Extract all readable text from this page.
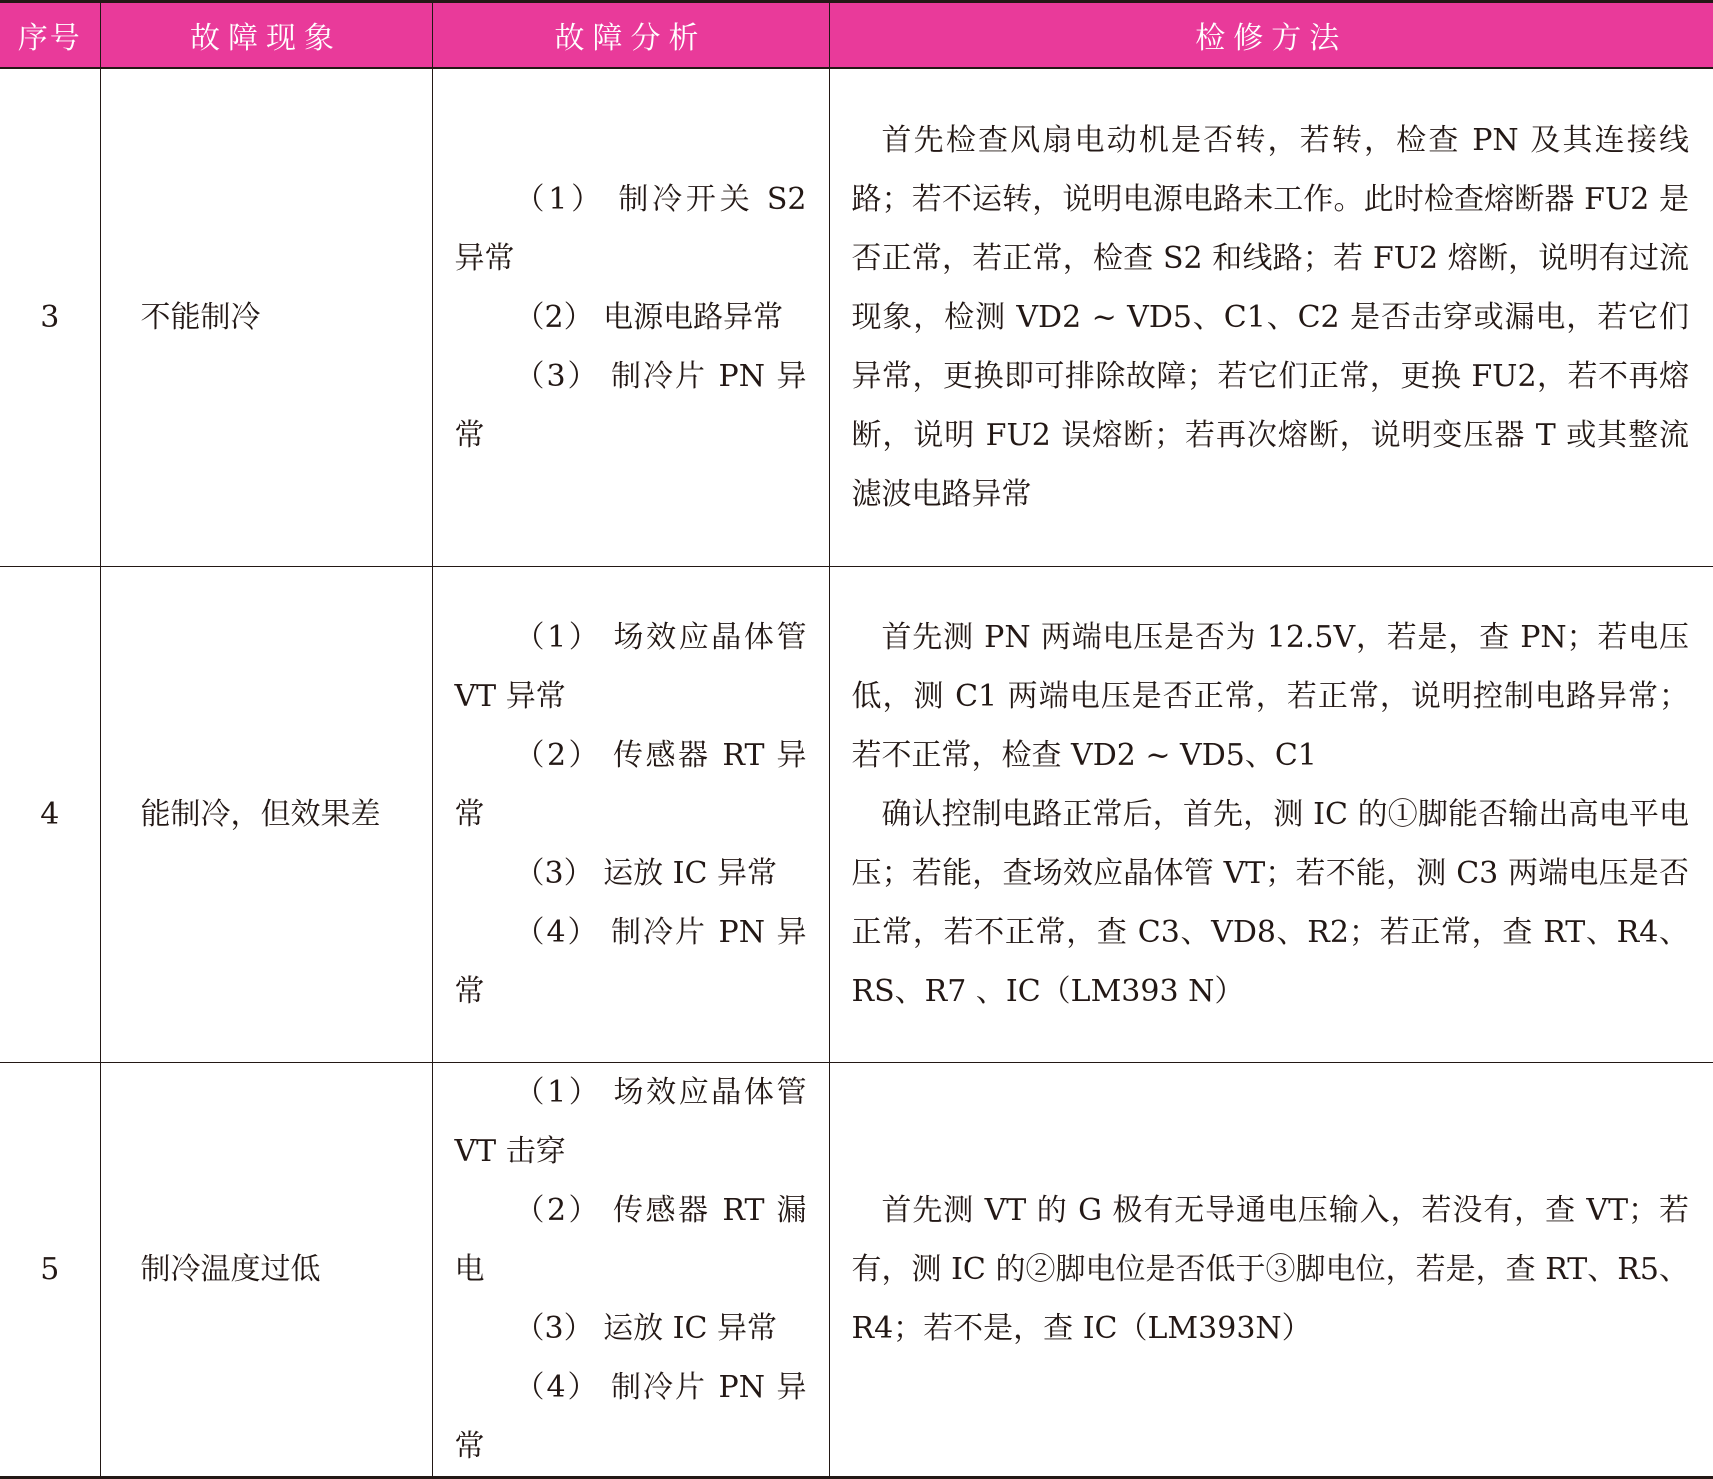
序号	故障现象	故障分析	检修方法
3	不能制冷	（1） 制冷开关 S2 异常
（2） 电源电路异常
（3） 制冷片 PN 异常	首先检查风扇电动机是否转，若转，检查 PN 及其连接线路；若不运转，说明电源电路未工作。此时检查熔断器 FU2 是否正常，若正常，检查 S2 和线路；若 FU2 熔断，说明有过流现象，检测 VD2 ~ VD5、C1、C2 是否击穿或漏电，若它们异常，更换即可排除故障；若它们正常，更换 FU2，若不再熔断，说明 FU2 误熔断；若再次熔断，说明变压器 T 或其整流滤波电路异常

4	能制冷，但效果差	（1） 场效应晶体管 VT 异常
（2） 传感器 RT 异常
（3） 运放 IC 异常
（4） 制冷片 PN 异常	首先测 PN 两端电压是否为 12.5V，若是，查 PN；若电压低，测 C1 两端电压是否正常，若正常，说明控制电路异常；若不正常，检查 VD2 ~ VD5、C1
确认控制电路正常后，首先，测 IC 的①脚能否输出高电平电压；若能，查场效应晶体管 VT；若不能，测 C3 两端电压是否正常，若不正常，查 C3、VD8、R2；若正常，查 RT、R4、RS、R7 、IC（LM393 N）

5	制冷温度过低	（1） 场效应晶体管 VT 击穿
（2） 传感器 RT 漏电
（3） 运放 IC 异常
（4） 制冷片 PN 异常	首先测 VT 的 G 极有无导通电压输入，若没有，查 VT；若有，测 IC 的②脚电位是否低于③脚电位，若是，查 RT、R5、R4；若不是，查 IC（LM393N）
